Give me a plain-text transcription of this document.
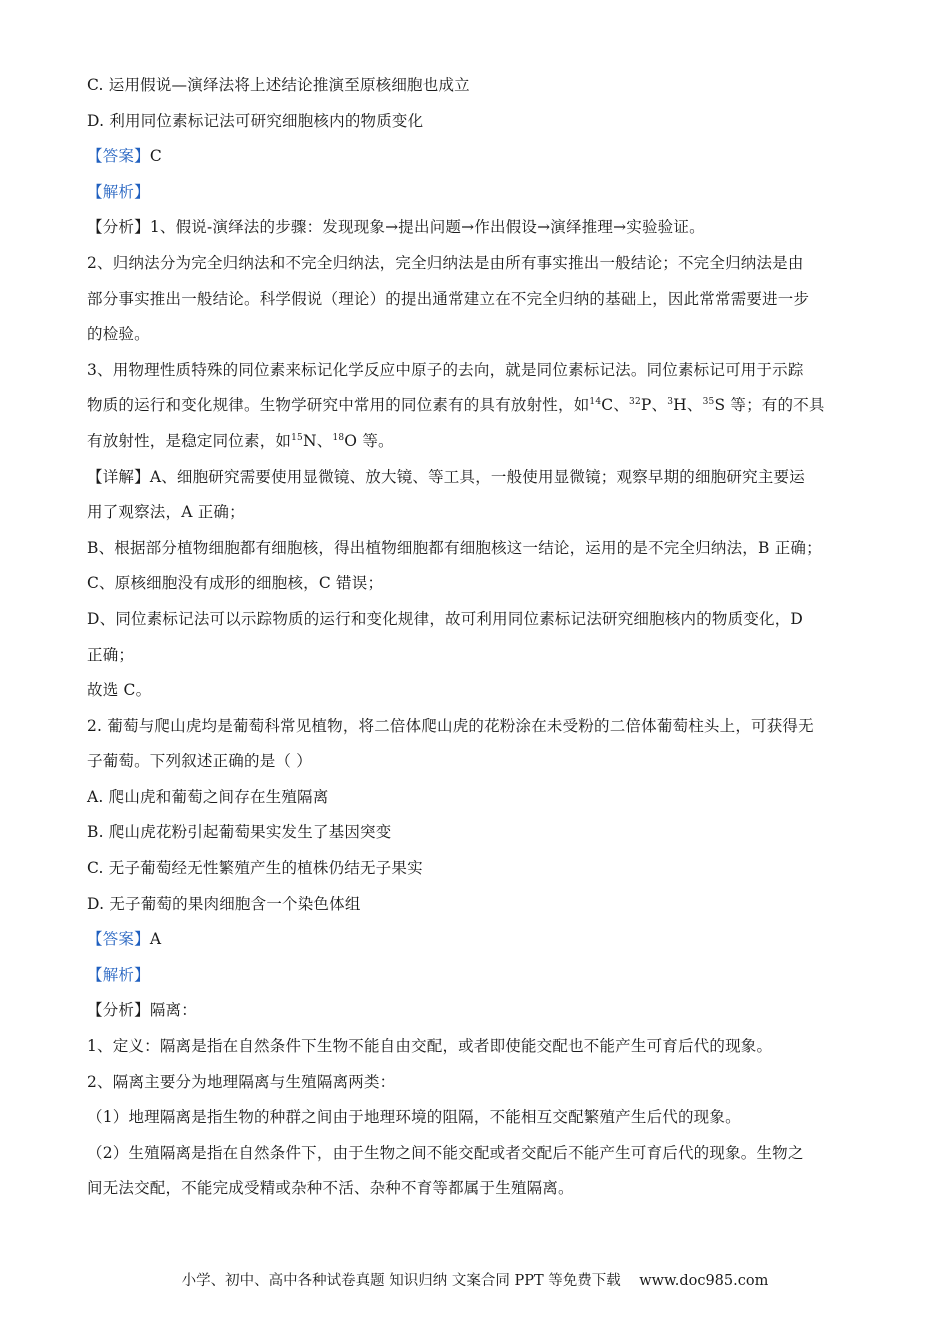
C. 运用假说—演绎法将上述结论推演至原核细胞也成立
D. 利用同位素标记法可研究细胞核内的物质变化
【答案】C
【解析】
【分析】1、假说-演绎法的步骤：发现现象→提出问题→作出假设→演绎推理→实验验证。
2、归纳法分为完全归纳法和不完全归纳法，完全归纳法是由所有事实推出一般结论；不完全归纳法是由
部分事实推出一般结论。科学假说（理论）的提出通常建立在不完全归纳的基础上，因此常常需要进一步
的检验。
3、用物理性质特殊的同位素来标记化学反应中原子的去向，就是同位素标记法。同位素标记可用于示踪
物质的运行和变化规律。生物学研究中常用的同位素有的具有放射性，如$^{14}$C、$^{32}$P、$^3$H、$^{35}$S 等；有的不具
有放射性，是稳定同位素，如$^{15}$N、$^{18}$O 等。
【详解】A、细胞研究需要使用显微镜、放大镜、等工具，一般使用显微镜；观察早期的细胞研究主要运
用了观察法，A 正确；
B、根据部分植物细胞都有细胞核，得出植物细胞都有细胞核这一结论，运用的是不完全归纳法，B 正确；
C、原核细胞没有成形的细胞核，C 错误；
D、同位素标记法可以示踪物质的运行和变化规律，故可利用同位素标记法研究细胞核内的物质变化，D
正确；
故选 C。
2. 葡萄与爬山虎均是葡萄科常见植物，将二倍体爬山虎的花粉涂在未受粉的二倍体葡萄柱头上，可获得无
子葡萄。下列叙述正确的是（ ）
A. 爬山虎和葡萄之间存在生殖隔离
B. 爬山虎花粉引起葡萄果实发生了基因突变
C. 无子葡萄经无性繁殖产生的植株仍结无子果实
D. 无子葡萄的果肉细胞含一个染色体组
【答案】A
【解析】
【分析】隔离：
1、定义：隔离是指在自然条件下生物不能自由交配，或者即使能交配也不能产生可育后代的现象。
2、隔离主要分为地理隔离与生殖隔离两类：
（1）地理隔离是指生物的种群之间由于地理环境的阻隔，不能相互交配繁殖产生后代的现象。
（2）生殖隔离是指在自然条件下，由于生物之间不能交配或者交配后不能产生可育后代的现象。生物之
间无法交配，不能完成受精或杂种不活、杂种不育等都属于生殖隔离。
小学、初中、高中各种试卷真题 知识归纳 文案合同 PPT 等免费下载 www.doc985.com
